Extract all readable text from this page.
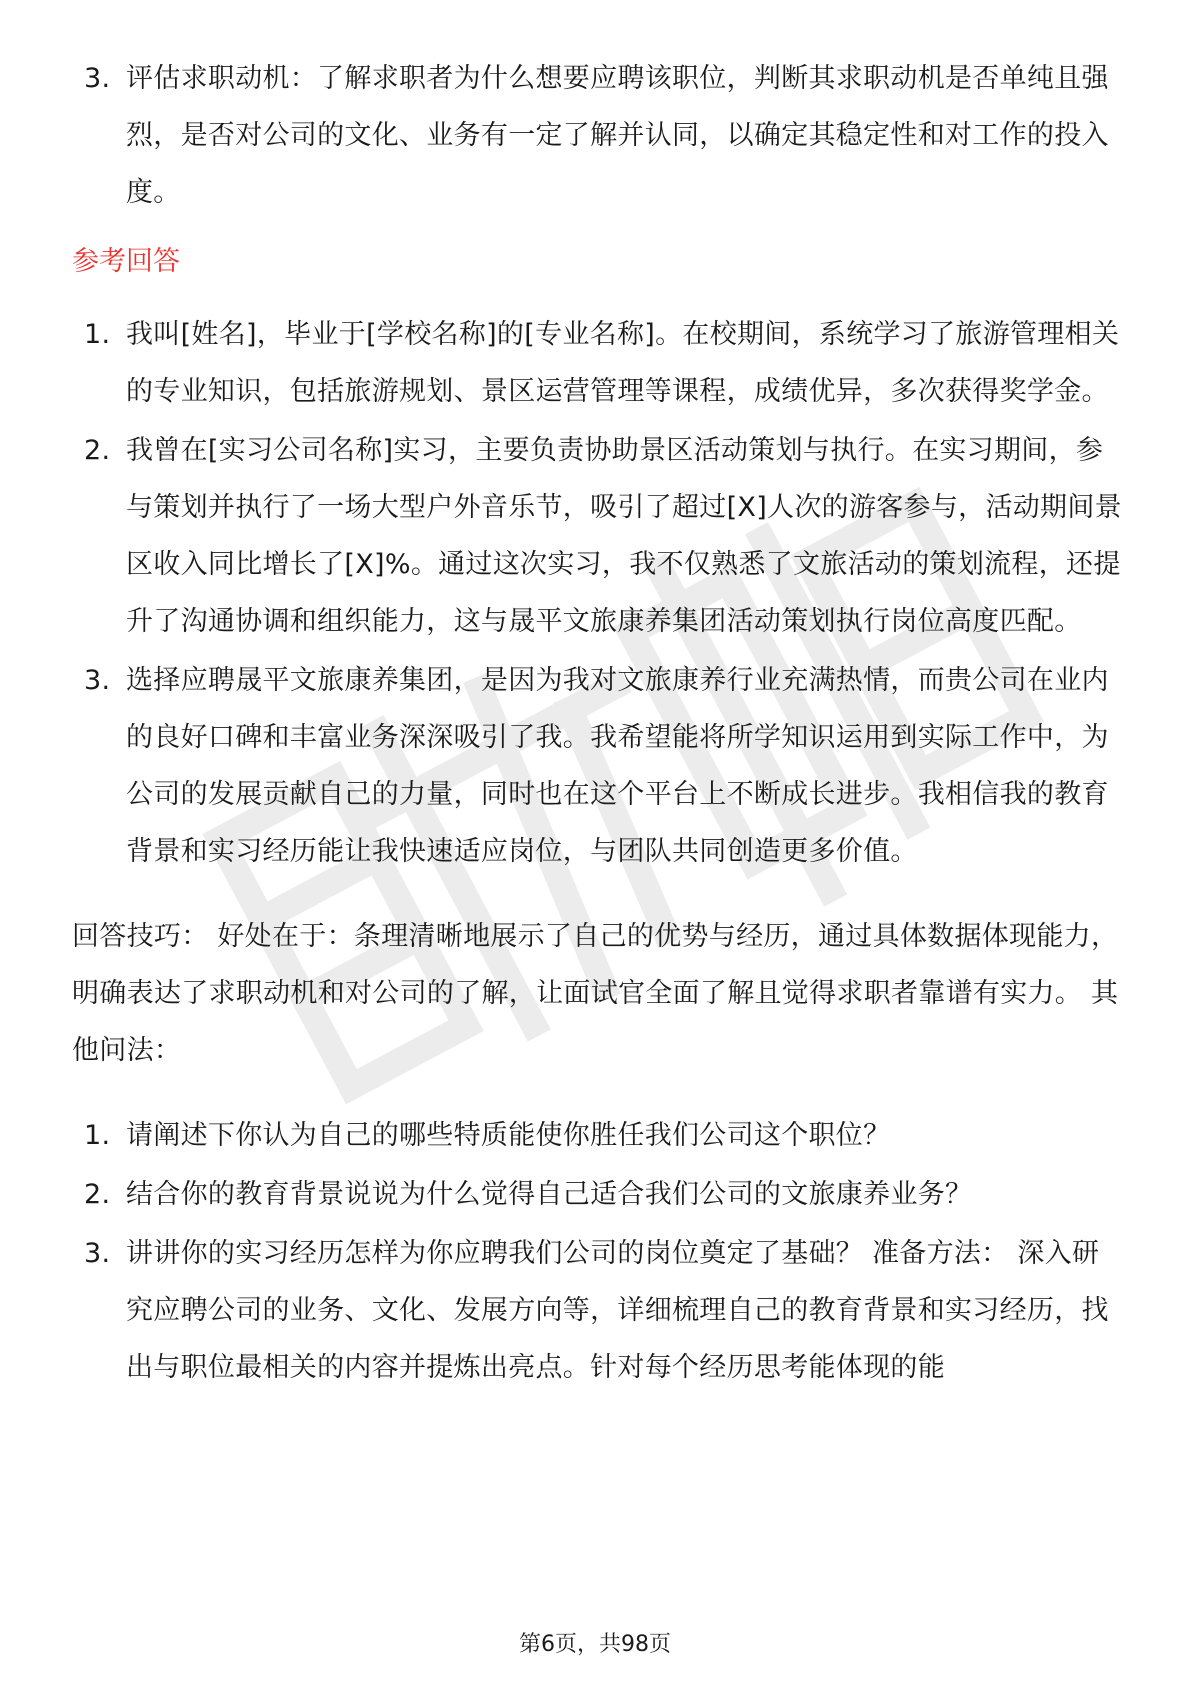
3. 评估求职动机：了解求职者为什么想要应聘该职位，判断其求职动机是否单纯且强烈，是否对公司的文化、业务有一定了解并认同，以确定其稳定性和对工作的投入度。
参考回答
1. 我叫[姓名]，毕业于[学校名称]的[专业名称]。在校期间，系统学习了旅游管理相关的专业知识，包括旅游规划、景区运营管理等课程，成绩优异，多次获得奖学金。
2. 我曾在[实习公司名称]实习，主要负责协助景区活动策划与执行。在实习期间，参与策划并执行了一场大型户外音乐节，吸引了超过[X]人次的游客参与，活动期间景区收入同比增长了[X]%。通过这次实习，我不仅熟悉了文旅活动的策划流程，还提升了沟通协调和组织能力，这与晟平文旅康养集团活动策划执行岗位高度匹配。
3. 选择应聘晟平文旅康养集团，是因为我对文旅康养行业充满热情，而贵公司在业内的良好口碑和丰富业务深深吸引了我。我希望能将所学知识运用到实际工作中，为公司的发展贡献自己的力量，同时也在这个平台上不断成长进步。我相信我的教育背景和实习经历能让我快速适应岗位，与团队共同创造更多价值。
回答技巧： 好处在于：条理清晰地展示了自己的优势与经历，通过具体数据体现能力，明确表达了求职动机和对公司的了解，让面试官全面了解且觉得求职者靠谱有实力。 其他问法：
1. 请阐述下你认为自己的哪些特质能使你胜任我们公司这个职位？
2. 结合你的教育背景说说为什么觉得自己适合我们公司的文旅康养业务？
3. 讲讲你的实习经历怎样为你应聘我们公司的岗位奠定了基础？ 准备方法： 深入研究应聘公司的业务、文化、发展方向等，详细梳理自己的教育背景和实习经历，找出与职位最相关的内容并提炼出亮点。针对每个经历思考能体现的能
第6页，共98页
